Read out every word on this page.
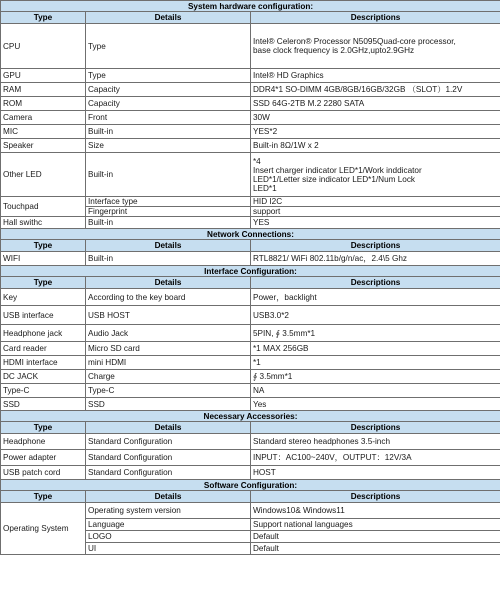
System hardware configuration:		
Type	Details	Descriptions
CPU	Type	Intel® Celeron® Processor N5095Quad-core processor,
base clock frequency is 2.0GHz,upto2.9GHz
GPU	Type	Intel® HD Graphics
RAM	Capacity	DDR4*1 SO-DIMM 4GB/8GB/16GB/32GB （SLOT）1.2V
ROM	Capacity	SSD 64G-2TB M.2 2280 SATA
Camera	Front	30W
MIC	Built-in	YES*2
Speaker	Size	Built-in 8Ω/1W x 2
Other LED	Built-in	*4
Insert charger indicator LED*1/Work inddicator
LED*1/Letter size indicator LED*1/Num Lock
LED*1
Touchpad	Interface type	HID I2C
	Fingerprint	support
Hall swithc	Built-in	YES
Network Connections:		
Type	Details	Descriptions
WIFI	Built-in	RTL8821/ WiFi 802.11b/g/n/ac，2.4\5 Ghz
Interface Configuration:		
Type	Details	Descriptions
Key	According to the key board	Power，backlight
USB interface	USB HOST	USB3.0*2
Headphone jack	Audio Jack	5PIN, ∮ 3.5mm*1
Card reader	Micro SD card	*1 MAX 256GB
HDMI interface	mini HDMI	*1
DC JACK	Charge	∮ 3.5mm*1
Type-C	Type-C	NA
SSD	SSD	Yes
Necessary Accessories:		
Type	Details	Descriptions
Headphone	Standard Configuration	Standard stereo headphones 3.5-inch
Power adapter	Standard Configuration	INPUT：AC100~240V，OUTPUT：12V/3A
USB patch cord	Standard Configuration	HOST
Software Configuration:		
Type	Details	Descriptions
Operating System	Operating system version	Windows10& Windows11
	Language	Support national languages
	LOGO	Default
	UI	Default
